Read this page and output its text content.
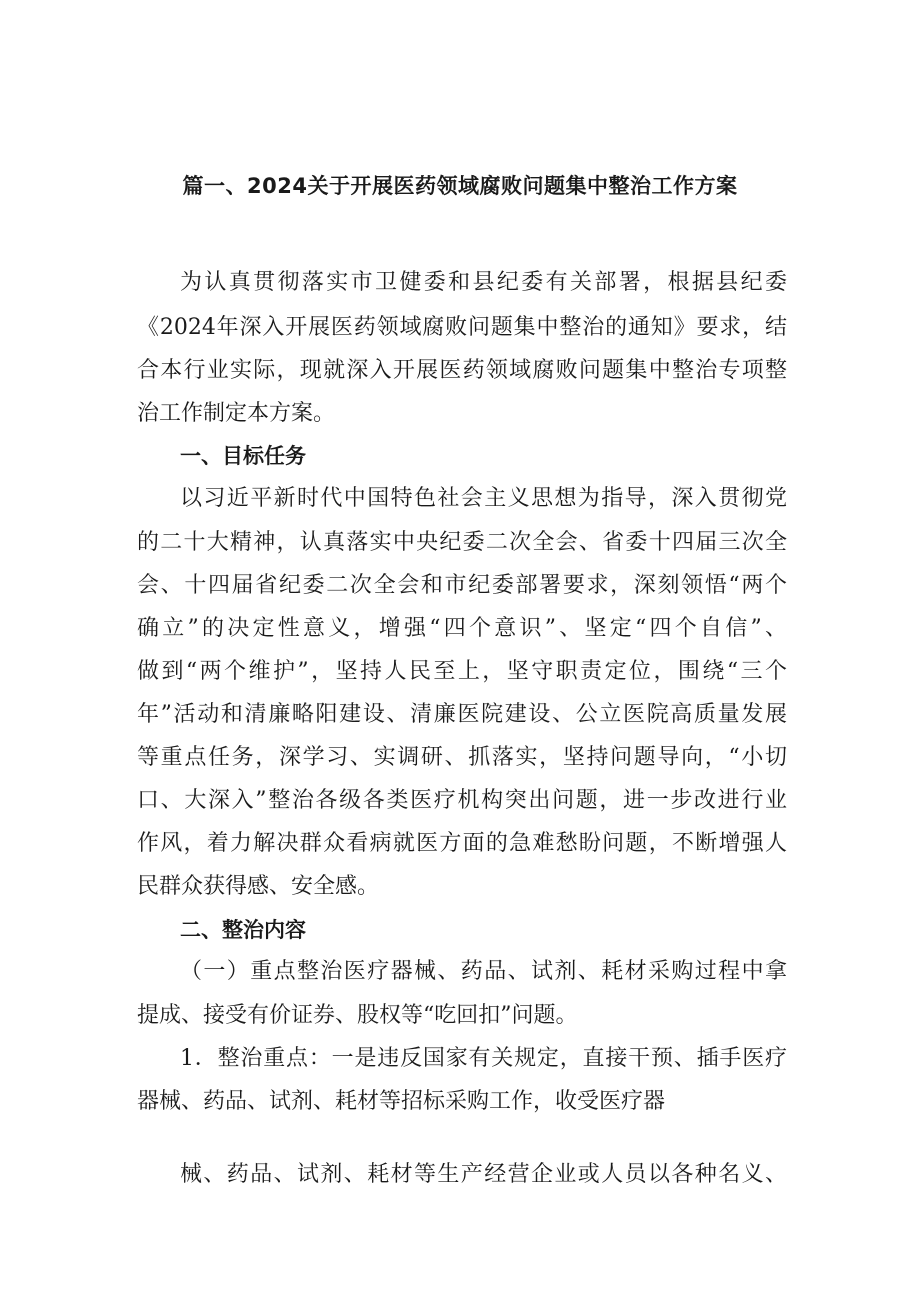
篇一、2024关于开展医药领域腐败问题集中整治工作方案
为认真贯彻落实市卫健委和县纪委有关部署，根据县纪委
《2024年深入开展医药领域腐败问题集中整治的通知》要求，结
合本行业实际，现就深入开展医药领域腐败问题集中整治专项整
治工作制定本方案。
一、目标任务
以习近平新时代中国特色社会主义思想为指导，深入贯彻党
的二十大精神，认真落实中央纪委二次全会、省委十四届三次全
会、十四届省纪委二次全会和市纪委部署要求，深刻领悟“两个
确立”的决定性意义，增强“四个意识”、坚定“四个自信”、
做到“两个维护”，坚持人民至上，坚守职责定位，围绕“三个
年”活动和清廉略阳建设、清廉医院建设、公立医院高质量发展
等重点任务，深学习、实调研、抓落实，坚持问题导向，“小切
口、大深入”整治各级各类医疗机构突出问题，进一步改进行业
作风，着力解决群众看病就医方面的急难愁盼问题，不断增强人
民群众获得感、安全感。
二、整治内容
（一）重点整治医疗器械、药品、试剂、耗材采购过程中拿
提成、接受有价证券、股权等“吃回扣”问题。
1．整治重点：一是违反国家有关规定，直接干预、插手医疗
器械、药品、试剂、耗材等招标采购工作，收受医疗器
械、药品、试剂、耗材等生产经营企业或人员以各种名义、
